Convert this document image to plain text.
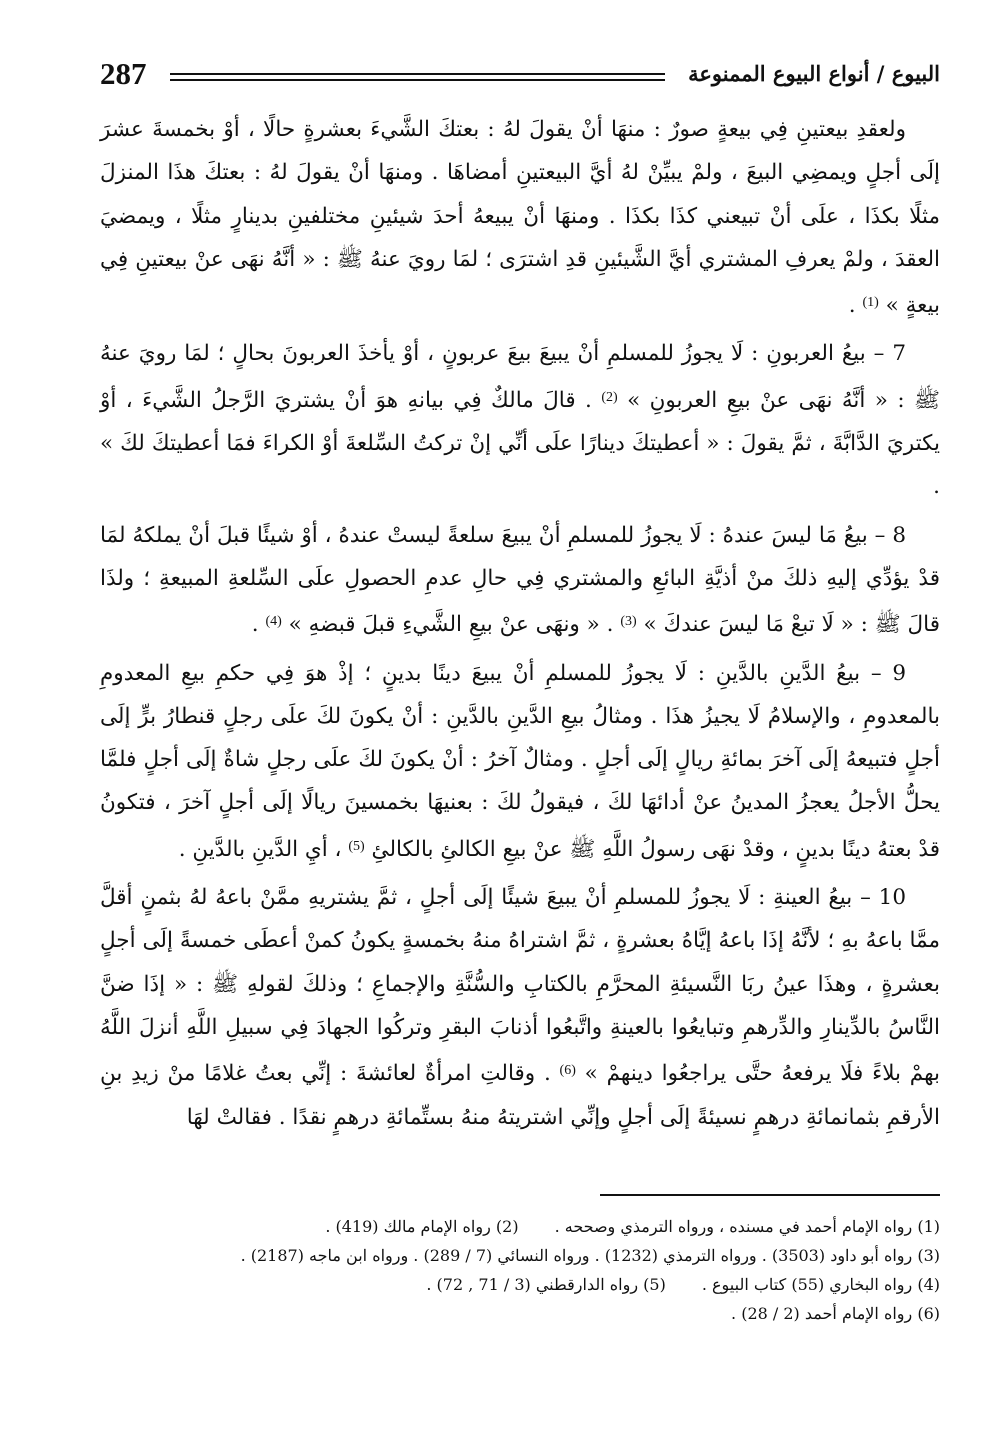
287	البيوع / أنواع البيوع الممنوعة

ولعقدِ بيعتينِ فِي بيعةٍ صورٌ : منهَا أنْ يقولَ لهُ : بعتكَ الشَّيءَ بعشرةٍ حالًا ، أوْ بخمسةَ عشرَ إلَى أجلٍ ويمضِي البيعَ ، ولمْ يبيِّنْ لهُ أيَّ البيعتينِ أمضاهَا . ومنهَا أنْ يقولَ لهُ : بعتكَ هذَا المنزلَ مثلًا بكذَا ، علَى أنْ تبيعني كذَا بكذَا . ومنهَا أنْ يبيعهُ أحدَ شيئينِ مختلفينِ بدينارٍ مثلًا ، ويمضيَ العقدَ ، ولمْ يعرفِ المشتري أيَّ الشَّيئينِ قدِ اشترَى ؛ لمَا رويَ عنهُ ﷺ : « أنَّهُ نهَى عنْ بيعتينِ فِي بيعةٍ » $^{(1)}$ .

7 – بيعُ العربونِ : لَا يجوزُ للمسلمِ أنْ يبيعَ بيعَ عربونٍ ، أوْ يأخذَ العربونَ بحالٍ ؛ لمَا رويَ عنهُ ﷺ : « أنَّهُ نهَى عنْ بيعِ العربونِ » $^{(2)}$ . قالَ مالكٌ فِي بيانهِ هوَ أنْ يشتريَ الرَّجلُ الشَّيءَ ، أوْ يكتريَ الدَّابَّةَ ، ثمَّ يقولَ : « أعطيتكَ دينارًا علَى أنِّي إنْ تركتُ السِّلعةَ أوْ الكراءَ فمَا أعطيتكَ لكَ » .

8 – بيعُ مَا ليسَ عندهُ : لَا يجوزُ للمسلمِ أنْ يبيعَ سلعةً ليستْ عندهُ ، أوْ شيئًا قبلَ أنْ يملكهُ لمَا قدْ يؤدِّي إليهِ ذلكَ منْ أذيَّةِ البائعِ والمشتري فِي حالِ عدمِ الحصولِ علَى السِّلعةِ المبيعةِ ؛ ولذَا قالَ ﷺ : « لَا تبعْ مَا ليسَ عندكَ » $^{(3)}$ . « ونهَى عنْ بيعِ الشَّيءِ قبلَ قبضهِ » $^{(4)}$ .

9 – بيعُ الدَّينِ بالدَّينِ : لَا يجوزُ للمسلمِ أنْ يبيعَ دينًا بدينٍ ؛ إذْ هوَ فِي حكمِ بيعِ المعدومِ بالمعدومِ ، والإسلامُ لَا يجيزُ هذَا . ومثالُ بيعِ الدَّينِ بالدَّينِ : أنْ يكونَ لكَ علَى رجلٍ قنطارُ برٍّ إلَى أجلٍ فتبيعهُ إلَى آخرَ بمائةِ ريالٍ إلَى أجلٍ . ومثالٌ آخرُ : أنْ يكونَ لكَ علَى رجلٍ شاةٌ إلَى أجلٍ فلمَّا يحلُّ الأجلُ يعجزُ المدينُ عنْ أدائهَا لكَ ، فيقولُ لكَ : بعنيهَا بخمسينَ ريالًا إلَى أجلٍ آخرَ ، فتكونُ قدْ بعتهُ دينًا بدينٍ ، وقدْ نهَى رسولُ اللَّهِ ﷺ عنْ بيعِ الكالئِ بالكالئِ $^{(5)}$ ، أيِ الدَّينِ بالدَّينِ .

10 – بيعُ العينةِ : لَا يجوزُ للمسلمِ أنْ يبيعَ شيئًا إلَى أجلٍ ، ثمَّ يشتريهِ ممَّنْ باعهُ لهُ بثمنٍ أقلَّ ممَّا باعهُ بهِ ؛ لأنَّهُ إذَا باعهُ إيَّاهُ بعشرةٍ ، ثمَّ اشتراهُ منهُ بخمسةٍ يكونُ كمنْ أعطَى خمسةً إلَى أجلٍ بعشرةٍ ، وهذَا عينُ ربَا النَّسيئةِ المحرَّمِ بالكتابِ والسُّنَّةِ والإجماعِ ؛ وذلكَ لقولهِ ﷺ : « إذَا ضنَّ النَّاسُ بالدِّينارِ والدِّرهمِ وتبايعُوا بالعينةِ واتَّبعُوا أذنابَ البقرِ وتركُوا الجهادَ فِي سبيلِ اللَّهِ أنزلَ اللَّهُ بهمْ بلاءً فلَا يرفعهُ حتَّى يراجعُوا دينهمْ » $^{(6)}$ . وقالتِ امرأةٌ لعائشةَ : إنِّي بعتُ غلامًا منْ زيدِ بنِ الأرقمِ بثمانمائةِ درهمٍ نسيئةً إلَى أجلٍ وإنِّي اشتريتهُ منهُ بستِّمائةِ درهمٍ نقدًا . فقالتْ لهَا

(1) رواه الإمام أحمد في مسنده ، ورواه الترمذي وصححه .
(2) رواه الإمام مالك (419) .
(3) رواه أبو داود (3503) . ورواه الترمذي (1232) . ورواه النسائي (7 / 289) . ورواه ابن ماجه (2187) .
(4) رواه البخاري (55) كتاب البيوع .
(5) رواه الدارقطني (3 / 71 , 72) .
(6) رواه الإمام أحمد (2 / 28) .
